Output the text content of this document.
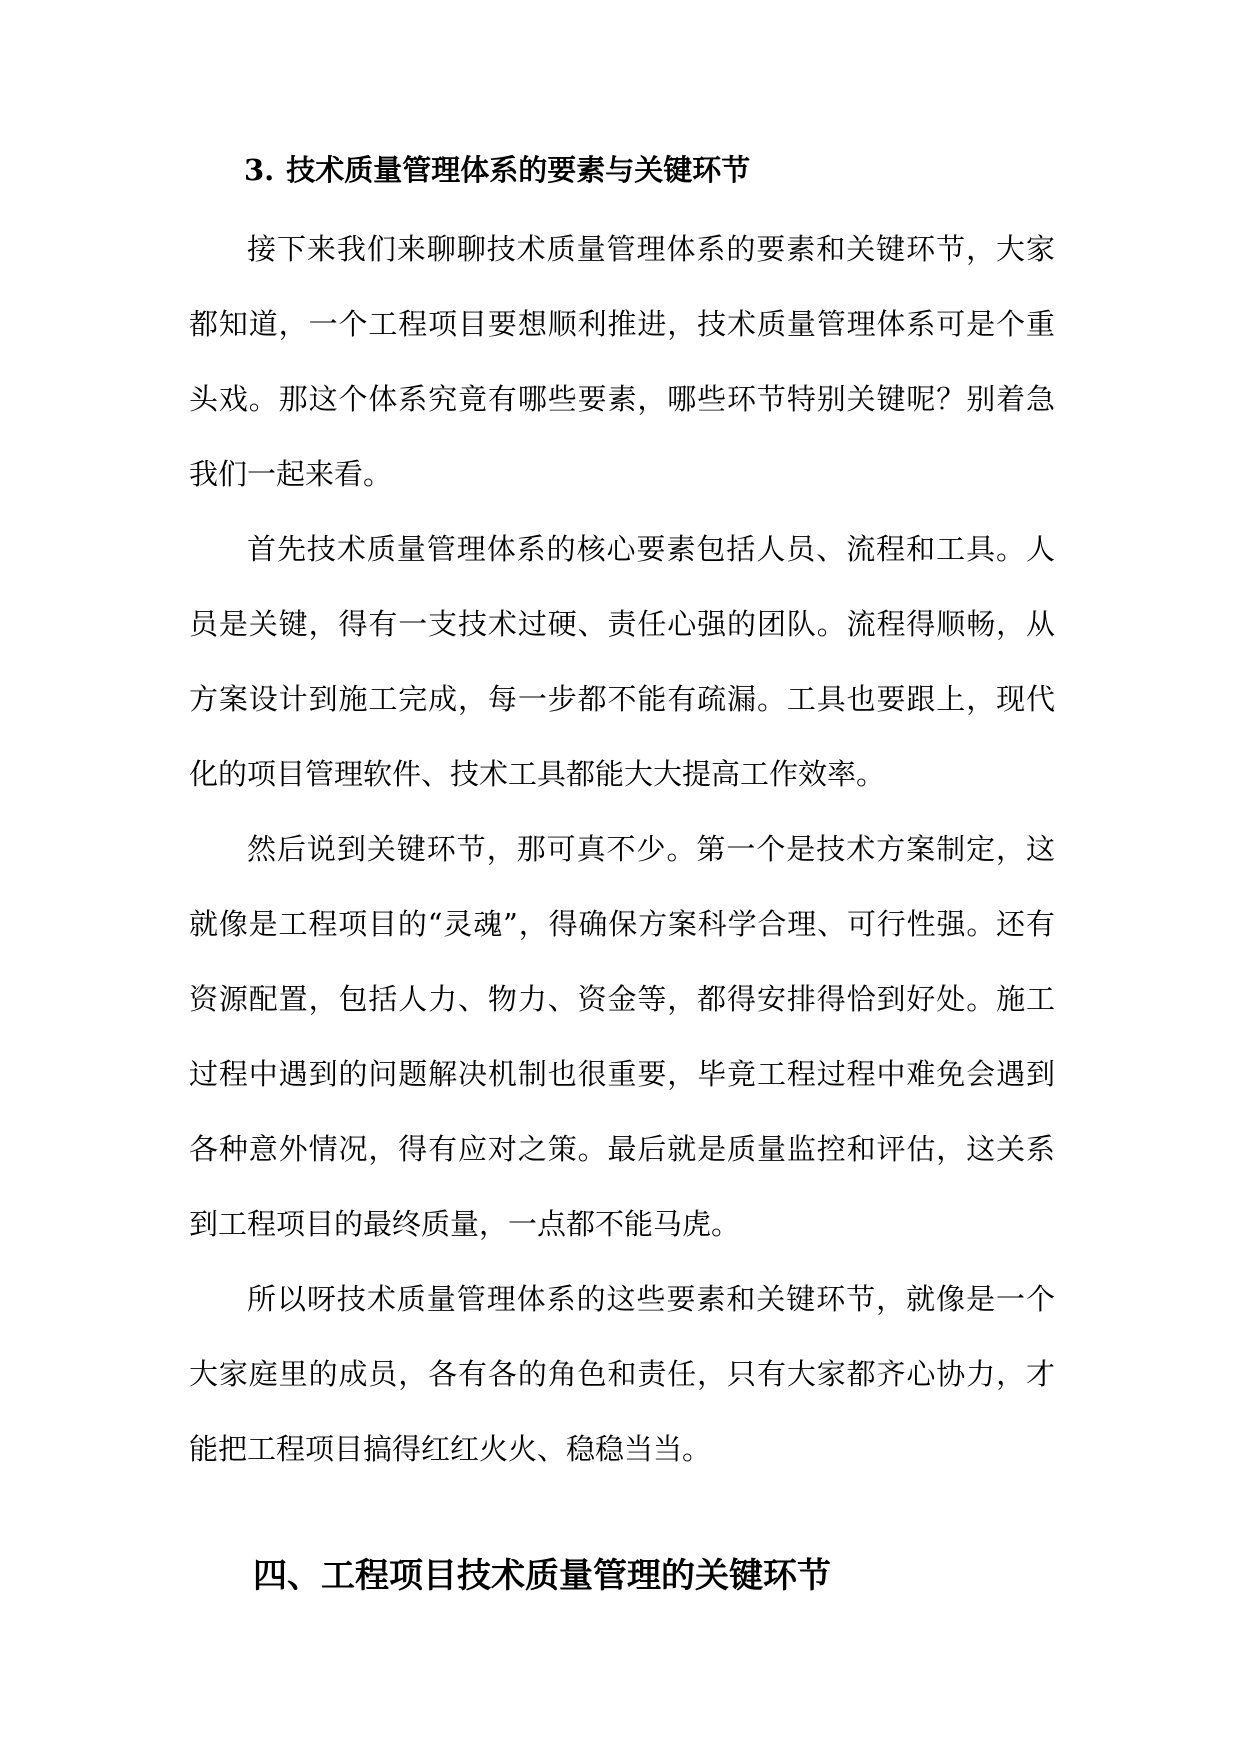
3. 技术质量管理体系的要素与关键环节

接下来我们来聊聊技术质量管理体系的要素和关键环节，大家都知道，一个工程项目要想顺利推进，技术质量管理体系可是个重头戏。那这个体系究竟有哪些要素，哪些环节特别关键呢？别着急我们一起来看。

首先技术质量管理体系的核心要素包括人员、流程和工具。人员是关键，得有一支技术过硬、责任心强的团队。流程得顺畅，从方案设计到施工完成，每一步都不能有疏漏。工具也要跟上，现代化的项目管理软件、技术工具都能大大提高工作效率。

然后说到关键环节，那可真不少。第一个是技术方案制定，这就像是工程项目的“灵魂”，得确保方案科学合理、可行性强。还有资源配置，包括人力、物力、资金等，都得安排得恰到好处。施工过程中遇到的问题解决机制也很重要，毕竟工程过程中难免会遇到各种意外情况，得有应对之策。最后就是质量监控和评估，这关系到工程项目的最终质量，一点都不能马虎。

所以呀技术质量管理体系的这些要素和关键环节，就像是一个大家庭里的成员，各有各的角色和责任，只有大家都齐心协力，才能把工程项目搞得红红火火、稳稳当当。

四、工程项目技术质量管理的关键环节
